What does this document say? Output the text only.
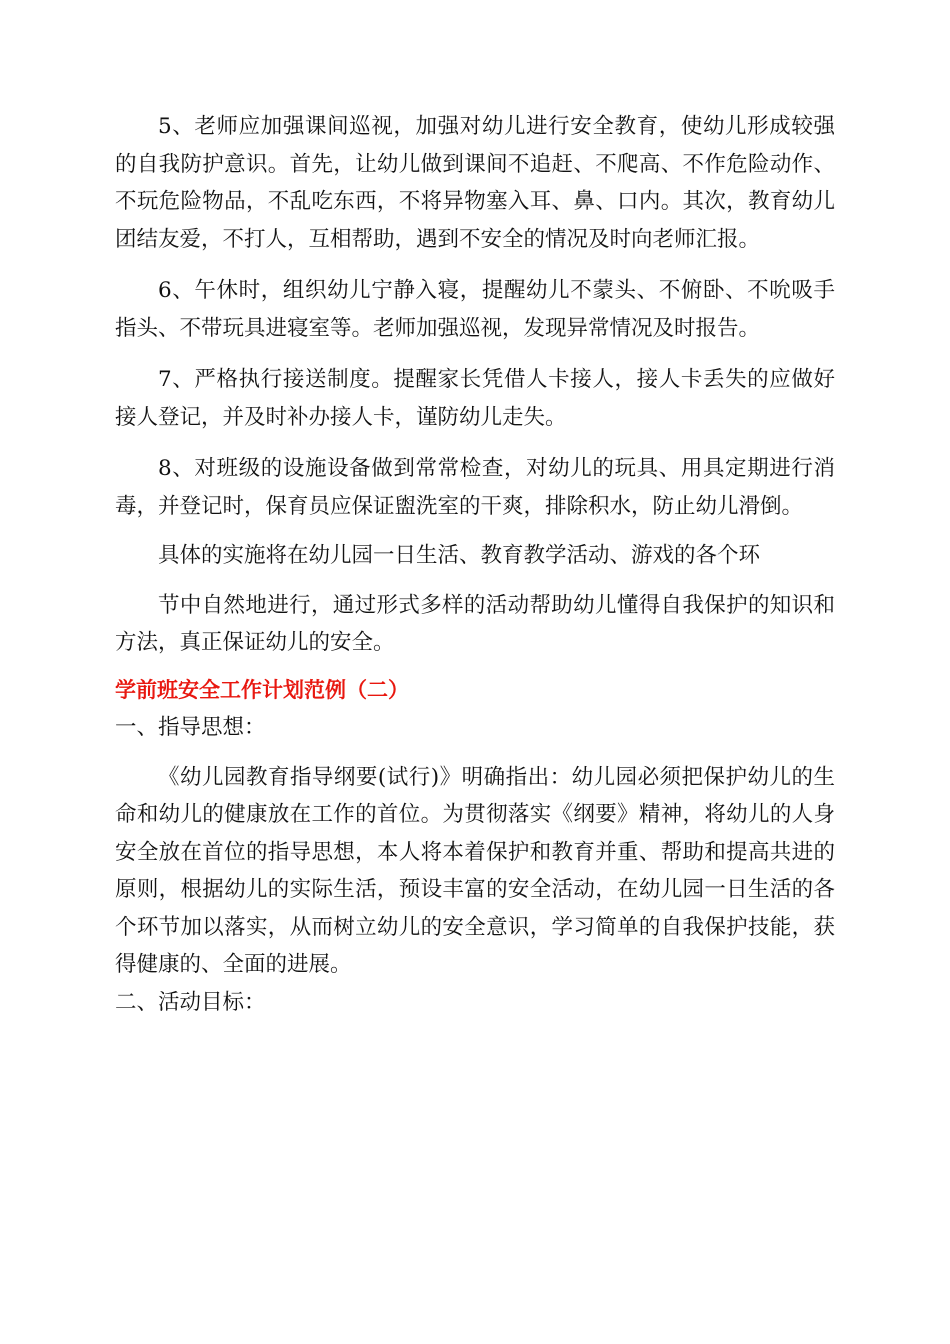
5、老师应加强课间巡视，加强对幼儿进行安全教育，使幼儿形成较强的自我防护意识。首先，让幼儿做到课间不追赶、不爬高、不作危险动作、不玩危险物品，不乱吃东西，不将异物塞入耳、鼻、口内。其次，教育幼儿团结友爱，不打人，互相帮助，遇到不安全的情况及时向老师汇报。

6、午休时，组织幼儿宁静入寝，提醒幼儿不蒙头、不俯卧、不吮吸手指头、不带玩具进寝室等。老师加强巡视，发现异常情况及时报告。

7、严格执行接送制度。提醒家长凭借人卡接人，接人卡丢失的应做好接人登记，并及时补办接人卡，谨防幼儿走失。

8、对班级的设施设备做到常常检查，对幼儿的玩具、用具定期进行消毒，并登记时，保育员应保证盥洗室的干爽，排除积水，防止幼儿滑倒。

具体的实施将在幼儿园一日生活、教育教学活动、游戏的各个环

节中自然地进行，通过形式多样的活动帮助幼儿懂得自我保护的知识和方法，真正保证幼儿的安全。

学前班安全工作计划范例（二）

一、指导思想：

《幼儿园教育指导纲要(试行)》明确指出：幼儿园必须把保护幼儿的生命和幼儿的健康放在工作的首位。为贯彻落实《纲要》精神，将幼儿的人身安全放在首位的指导思想，本人将本着保护和教育并重、帮助和提高共进的原则，根据幼儿的实际生活，预设丰富的安全活动，在幼儿园一日生活的各个环节加以落实，从而树立幼儿的安全意识，学习简单的自我保护技能，获得健康的、全面的进展。

二、活动目标：
